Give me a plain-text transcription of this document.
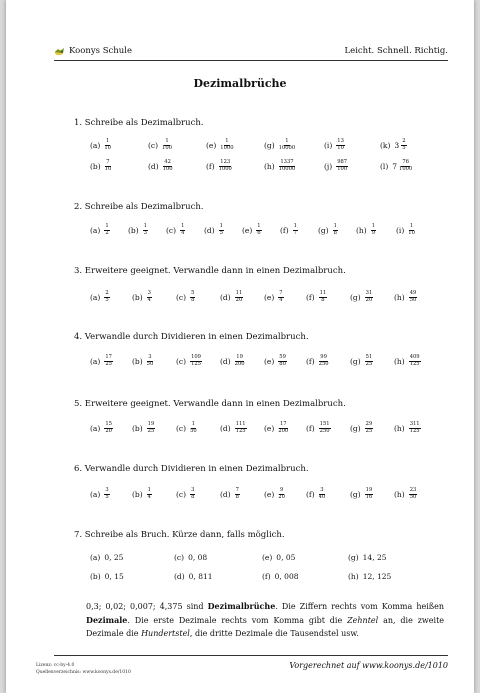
Koonys Schule	Leicht. Schnell. Richtig.
Dezimalbrüche
1. Schreibe als Dezimalbruch.
$(a) \frac{1}{10}$	$(c) \frac{1}{100}$	$(e) \frac{1}{1000}$	$(g) \frac{1}{10000}$	$(i) \frac{13}{10}$	(k) $3 \frac{2}{5}$
$(b) \frac{7}{10}$	$(d) \frac{42}{100}$	$(f) \frac{123}{1000}$	$(h) \frac{1337}{10000}$	$(j) \frac{987}{100}$	(l) $7 \frac{76}{1000}$
2. Schreibe als Dezimalbruch.
$(a) \frac{1}{2} (b) \frac{1}{3} (c) \frac{1}{4} (d) \frac{1}{5} (e) \frac{1}{6} (f) \frac{1}{7}$	$(g) \frac{1}{8} (h) \frac{1}{9}$	$(i) \frac{1}{10}$
3. Erweitere geeignet. Verwandle dann in einen Dezimalbruch.
$(a) \frac{2}{5}$	$(b) \frac{3}{4}$	$(c) \frac{5}{8}$	$(d) \frac{11}{20}$	$(e) \frac{7}{4}$	$(f) \frac{11}{8}$	$(g) \frac{31}{20}$	$(h) \frac{49}{50}$
4. Verwandle durch Dividieren in einen Dezimalbruch.
$(a) \frac{17}{25}$	$(b) \frac{3}{50}$	$(c) \frac{109}{125} (d) \frac{19}{200}$	$(e) \frac{59}{80}$	$(f) \frac{99}{250}$	$(g) \frac{51}{25}$	$(h) \frac{409}{125}$
5. Erweitere geeignet. Verwandle dann in einen Dezimalbruch.
$(a) \frac{15}{20}$	$(b) \frac{19}{25}$	$(c) \frac{1}{50}$	$(d) \frac{111}{125} (e) \frac{17}{200} (f) \frac{151}{250}$	$(g) \frac{29}{25}$	$(h) \frac{311}{125}$
6. Verwandle durch Dividieren in einen Dezimalbruch.
$(a) \frac{3}{5}$	$(b) \frac{1}{4}$	$(c) \frac{3}{8}$	$(d) \frac{7}{8}$	$(e) \frac{9}{20}$	$(f) \frac{3}{40}$	$(g) \frac{19}{16}$	$(h) \frac{23}{50}$
7. Schreibe als Bruch. Kürze dann, falls möglich.
(a) 0, 25	(c) 0, 08	(e) 0, 05	(g) 14, 25
(b) 0, 15	(d) 0, 811	(f) 0, 008	(h) 12, 125
0,3; 0,02; 0,007; 4,375 sind Dezimalbrüche. Die Ziffern rechts vom Komma heißen Dezimale. Die erste Dezimale rechts vom Komma gibt die Zehntel an, die zweite Dezimale die Hundertstel, die dritte Dezimale die Tausendstel usw.
Lizenz: cc-by-4.0
Quellenverzeichnis: www.koonys.de/1010
Vorgerechnet auf www.koonys.de/1010
